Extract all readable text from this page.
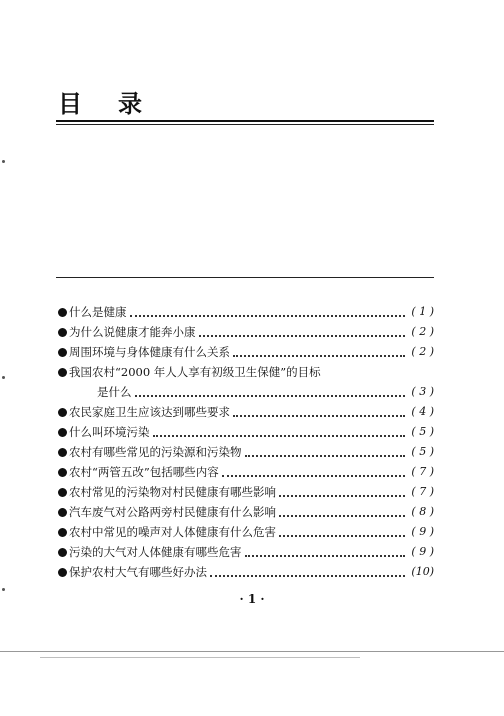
目 录
什么是健康	( 1 )
为什么说健康才能奔小康	( 2 )
周围环境与身体健康有什么关系	( 2 )
我国农村“2000 年人人享有初级卫生保健”的目标
是什么	( 3 )
农民家庭卫生应该达到哪些要求	( 4 )
什么叫环境污染	( 5 )
农村有哪些常见的污染源和污染物	( 5 )
农村“两管五改”包括哪些内容	( 7 )
农村常见的污染物对村民健康有哪些影响	( 7 )
汽车废气对公路两旁村民健康有什么影响	( 8 )
农村中常见的噪声对人体健康有什么危害	( 9 )
污染的大气对人体健康有哪些危害	( 9 )
保护农村大气有哪些好办法	(10)
· 1 ·
